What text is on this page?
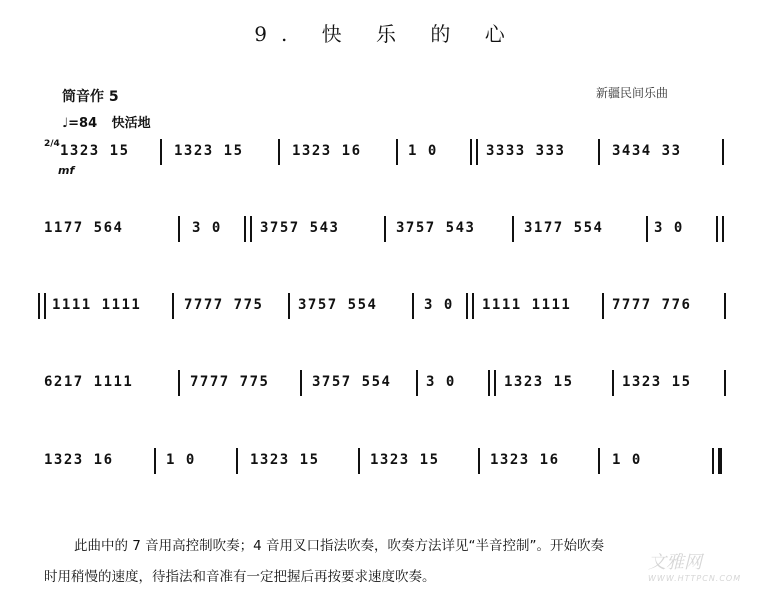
9. 快 乐 的 心
筒音作 5	新疆民间乐曲
♩=84 快活地
2/4
mf
1323 15	1323 15	1323 16	1 0	3333 333	3434 33
1177 564	3 0	3757 543	3757 543	3177 554	3 0
1111 1111	7777 775 3757 554	3 0 1111 1111	7777 776
6217 1111	7777 775	3757 554 3 0	1323 15	1323 15
1323 16	1 0	1323 15	1323 15	1323 16	1 0
此曲中的 7 音用高控制吹奏；4 音用叉口指法吹奏，吹奏方法详见“半音控制”。开始吹奏
时用稍慢的速度，待指法和音准有一定把握后再按要求速度吹奏。
文雅网
WWW.HTTPCN.COM
